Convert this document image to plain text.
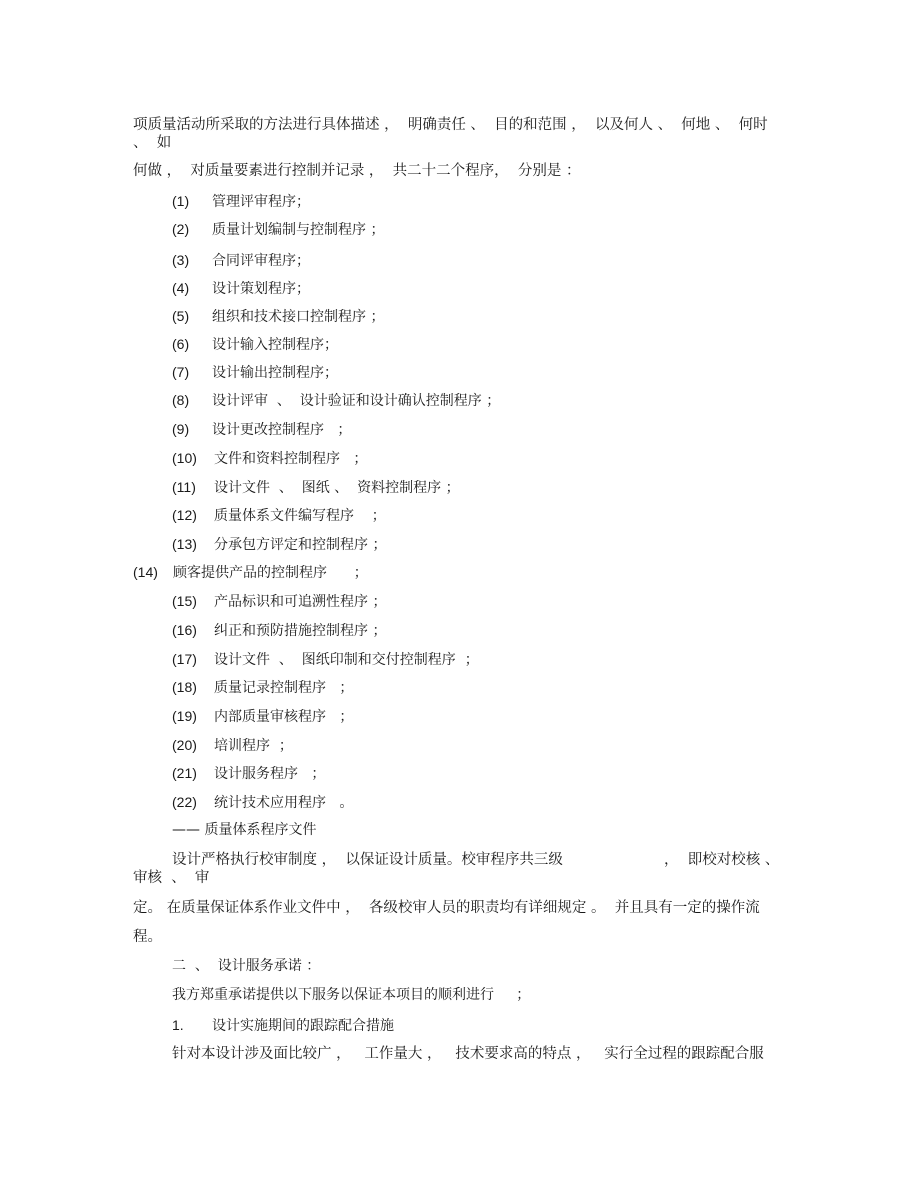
项质量活动所采取的方法进行具体描述 ，  明确责任 、  目的和范围 ，  以及何人 、  何地 、  何时
、  如
何做 ，  对质量要素进行控制并记录 ，  共二十二个程序，  分别是 ：
(1) 管理评审程序；
(2) 质量计划编制与控制程序 ；
(3) 合同评审程序；
(4) 设计策划程序；
(5) 组织和技术接口控制程序 ；
(6) 设计输入控制程序；
(7) 设计输出控制程序；
(8) 设计评审  、  设计验证和设计确认控制程序 ；
(9) 设计更改控制程序   ；
(10) 文件和资料控制程序   ；
(11) 设计文件  、  图纸 、  资料控制程序 ；
(12) 质量体系文件编写程序    ；
(13) 分承包方评定和控制程序 ；
(14) 顾客提供产品的控制程序      ；
(15) 产品标识和可追溯性程序 ；
(16) 纠正和预防措施控制程序 ；
(17) 设计文件  、  图纸印制和交付控制程序  ；
(18) 质量记录控制程序   ；
(19) 内部质量审核程序   ；
(20) 培训程序  ；
(21) 设计服务程序   ；
(22) 统计技术应用程序   。
—— 质量体系程序文件
设计严格执行校审制度 ，  以保证设计质量。校审程序共三级	，  即校对校核 、
审核  、  审
定。 在质量保证体系作业文件中 ，  各级校审人员的职责均有详细规定 。  并且具有一定的操作流
程。
二  、  设计服务承诺 ：
我方郑重承诺提供以下服务以保证本项目的顺利进行     ；
1. 设计实施期间的跟踪配合措施
针对本设计涉及面比较广 ，   工作量大 ，   技术要求高的特点 ，   实行全过程的跟踪配合服
